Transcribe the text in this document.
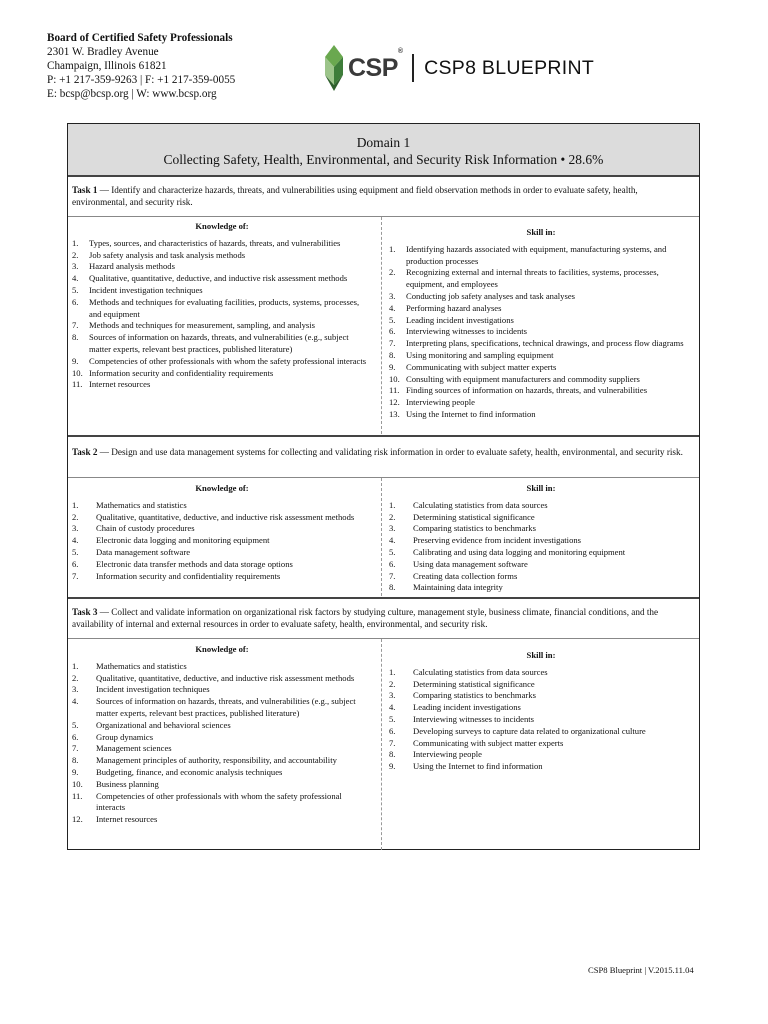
Board of Certified Safety Professionals
2301 W. Bradley Avenue
Champaign, Illinois 61821
P: +1 217-359-9263 | F: +1 217-359-0055
E: bcsp@bcsp.org | W: www.bcsp.org
CSP®
CSP8 BLUEPRINT
Domain 1
Collecting Safety, Health, Environmental, and Security Risk Information • 28.6%
Task 1 — Identify and characterize hazards, threats, and vulnerabilities using equipment and field observation methods in order to evaluate safety, health, environmental, and security risk.
Knowledge of:
1.	Types, sources, and characteristics of hazards, threats, and vulnerabilities
2.	Job safety analysis and task analysis methods
3.	Hazard analysis methods
4.	Qualitative, quantitative, deductive, and inductive risk assessment methods
5.	Incident investigation techniques
6.	Methods and techniques for evaluating facilities, products, systems, processes, and equipment
7.	Methods and techniques for measurement, sampling, and analysis
8.	Sources of information on hazards, threats, and vulnerabilities (e.g., subject matter experts, relevant best practices, published literature)
9.	Competencies of other professionals with whom the safety professional interacts
10. Information security and confidentiality requirements
11. Internet resources
Skill in:
1.	Identifying hazards associated with equipment, manufacturing systems, and production processes
2.	Recognizing external and internal threats to facilities, systems, processes, equipment, and employees
3.	Conducting job safety analyses and task analyses
4.	Performing hazard analyses
5.	Leading incident investigations
6.	Interviewing witnesses to incidents
7.	Interpreting plans, specifications, technical drawings, and process flow diagrams
8.	Using monitoring and sampling equipment
9.	Communicating with subject matter experts
10. Consulting with equipment manufacturers and commodity suppliers
11. Finding sources of information on hazards, threats, and vulnerabilities
12. Interviewing people
13. Using the Internet to find information
Task 2 — Design and use data management systems for collecting and validating risk information in order to evaluate safety, health, environmental, and security risk.
Knowledge of:
1.	Mathematics and statistics
2.	Qualitative, quantitative, deductive, and inductive risk assessment methods
3.	Chain of custody procedures
4.	Electronic data logging and monitoring equipment
5.	Data management software
6.	Electronic data transfer methods and data storage options
7.	Information security and confidentiality requirements
Skill in:
1.	Calculating statistics from data sources
2.	Determining statistical significance
3.	Comparing statistics to benchmarks
4.	Preserving evidence from incident investigations
5.	Calibrating and using data logging and monitoring equipment
6.	Using data management software
7.	Creating data collection forms
8.	Maintaining data integrity
Task 3 — Collect and validate information on organizational risk factors by studying culture, management style, business climate, financial conditions, and the availability of internal and external resources in order to evaluate safety, health, environmental, and security risk.
Knowledge of:
1.	Mathematics and statistics
2.	Qualitative, quantitative, deductive, and inductive risk assessment methods
3.	Incident investigation techniques
4.	Sources of information on hazards, threats, and vulnerabilities (e.g., subject matter experts, relevant best practices, published literature)
5.	Organizational and behavioral sciences
6.	Group dynamics
7.	Management sciences
8.	Management principles of authority, responsibility, and accountability
9.	Budgeting, finance, and economic analysis techniques
10.	Business planning
11.	Competencies of other professionals with whom the safety professional interacts
12.	Internet resources
Skill in:
1.	Calculating statistics from data sources
2.	Determining statistical significance
3.	Comparing statistics to benchmarks
4.	Leading incident investigations
5.	Interviewing witnesses to incidents
6.	Developing surveys to capture data related to organizational culture
7.	Communicating with subject matter experts
8.	Interviewing people
9.	Using the Internet to find information
CSP8 Blueprint | V.2015.11.04
